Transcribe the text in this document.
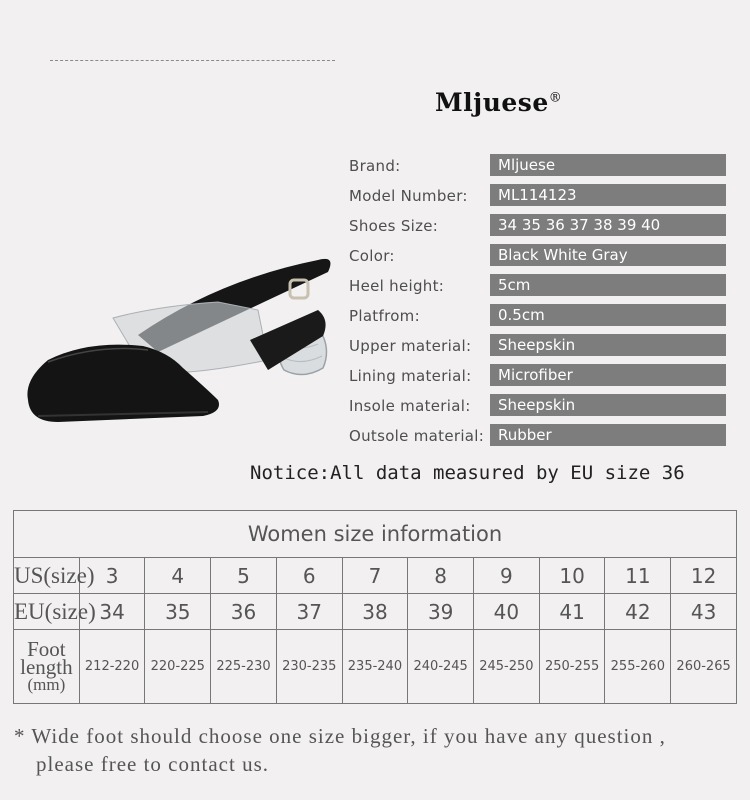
Mljuese®
Brand:	Mljuese
Model Number:	ML114123
Shoes Size:	34 35 36 37 38 39 40
Color:	Black White Gray
Heel height:	5cm
Platfrom:	0.5cm
Upper material:	Sheepskin
Lining material:	Microfiber
Insole material:	Sheepskin
Outsole material: Rubber
Notice:All data measured by EU size 36
Women size information										
US(size)	3	4	5	6	7	8	9	10	11	12
EU(size)	34	35	36	37	38	39	40	41	42	43

Foot length
(mm)	212-220	220-225	225-230	230-235	235-240	240-245	245-250	250-255	255-260	260-265
* Wide foot should choose one size bigger, if you have any question ,
please free to contact us.
